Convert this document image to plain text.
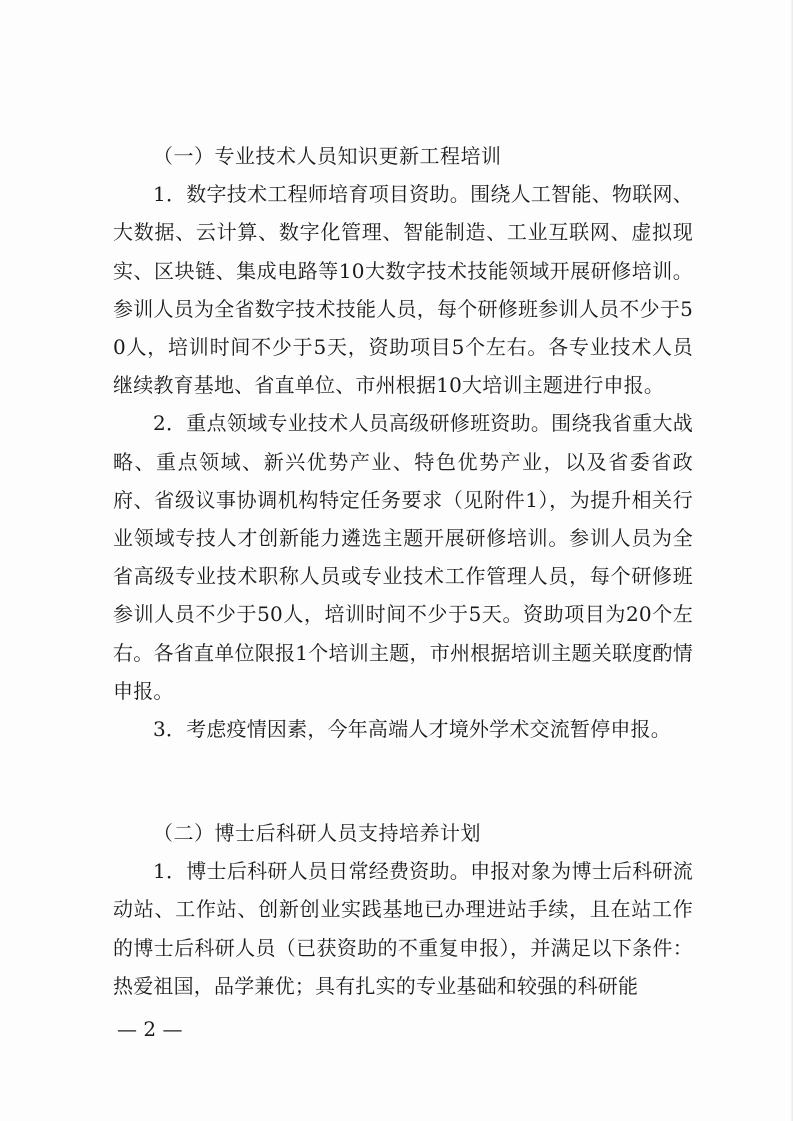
（一）专业技术人员知识更新工程培训

1．数字技术工程师培育项目资助。围绕人工智能、物联网、大数据、云计算、数字化管理、智能制造、工业互联网、虚拟现实、区块链、集成电路等10大数字技术技能领域开展研修培训。参训人员为全省数字技术技能人员，每个研修班参训人员不少于50人，培训时间不少于5天，资助项目5个左右。各专业技术人员继续教育基地、省直单位、市州根据10大培训主题进行申报。

2．重点领域专业技术人员高级研修班资助。围绕我省重大战略、重点领域、新兴优势产业、特色优势产业，以及省委省政府、省级议事协调机构特定任务要求（见附件1），为提升相关行业领域专技人才创新能力遴选主题开展研修培训。参训人员为全省高级专业技术职称人员或专业技术工作管理人员，每个研修班参训人员不少于50人，培训时间不少于5天。资助项目为20个左右。各省直单位限报1个培训主题，市州根据培训主题关联度酌情申报。

3．考虑疫情因素，今年高端人才境外学术交流暂停申报。

（二）博士后科研人员支持培养计划

1．博士后科研人员日常经费资助。申报对象为博士后科研流动站、工作站、创新创业实践基地已办理进站手续，且在站工作的博士后科研人员（已获资助的不重复申报），并满足以下条件：热爱祖国，品学兼优；具有扎实的专业基础和较强的科研能

— 2 —
